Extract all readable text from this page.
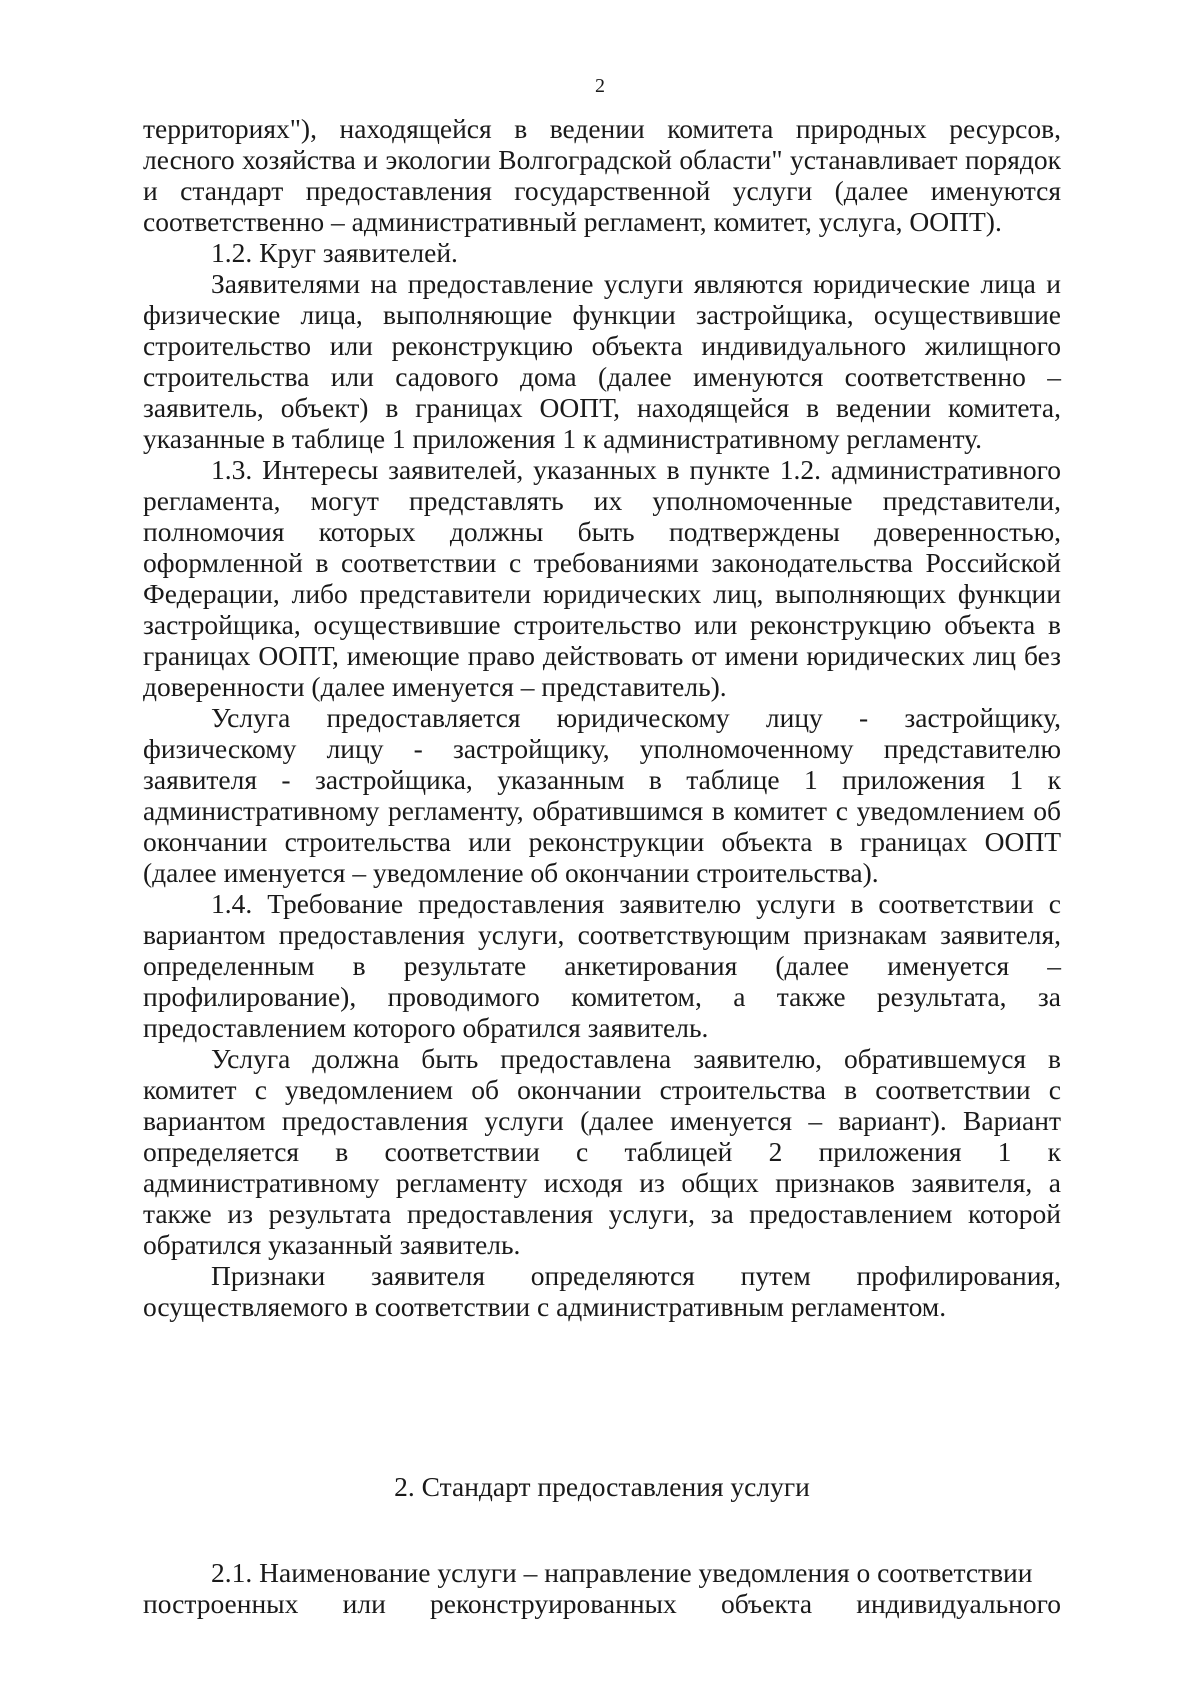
2

территориях"), находящейся в ведении комитета природных ресурсов, лесного хозяйства и экологии Волгоградской области" устанавливает порядок и стандарт предоставления государственной услуги (далее именуются соответственно – административный регламент, комитет, услуга, ООПТ).

1.2. Круг заявителей.

Заявителями на предоставление услуги являются юридические лица и физические лица, выполняющие функции застройщика, осуществившие строительство или реконструкцию объекта индивидуального жилищного строительства или садового дома (далее именуются соответственно – заявитель, объект) в границах ООПТ, находящейся в ведении комитета, указанные в таблице 1 приложения 1 к административному регламенту.

1.3. Интересы заявителей, указанных в пункте 1.2. административного регламента, могут представлять их уполномоченные представители, полномочия которых должны быть подтверждены доверенностью, оформленной в соответствии с требованиями законодательства Российской Федерации, либо представители юридических лиц, выполняющих функции застройщика, осуществившие строительство или реконструкцию объекта в границах ООПТ, имеющие право действовать от имени юридических лиц без доверенности (далее именуется – представитель).

Услуга предоставляется юридическому лицу - застройщику, физическому лицу - застройщику, уполномоченному представителю заявителя - застройщика, указанным в таблице 1 приложения 1 к административному регламенту, обратившимся в комитет с уведомлением об окончании строительства или реконструкции объекта в границах ООПТ (далее именуется – уведомление об окончании строительства).

1.4. Требование предоставления заявителю услуги в соответствии с вариантом предоставления услуги, соответствующим признакам заявителя, определенным в результате анкетирования (далее именуется – профилирование), проводимого комитетом, а также результата, за предоставлением которого обратился заявитель.

Услуга должна быть предоставлена заявителю, обратившемуся в комитет с уведомлением об окончании строительства в соответствии с вариантом предоставления услуги (далее именуется – вариант). Вариант определяется в соответствии с таблицей 2 приложения 1 к административному регламенту исходя из общих признаков заявителя, а также из результата предоставления услуги, за предоставлением которой обратился указанный заявитель.

Признаки заявителя определяются путем профилирования, осуществляемого в соответствии с административным регламентом.

2. Стандарт предоставления услуги

2.1. Наименование услуги – направление уведомления о соответствии

построенных или реконструированных объекта индивидуального
